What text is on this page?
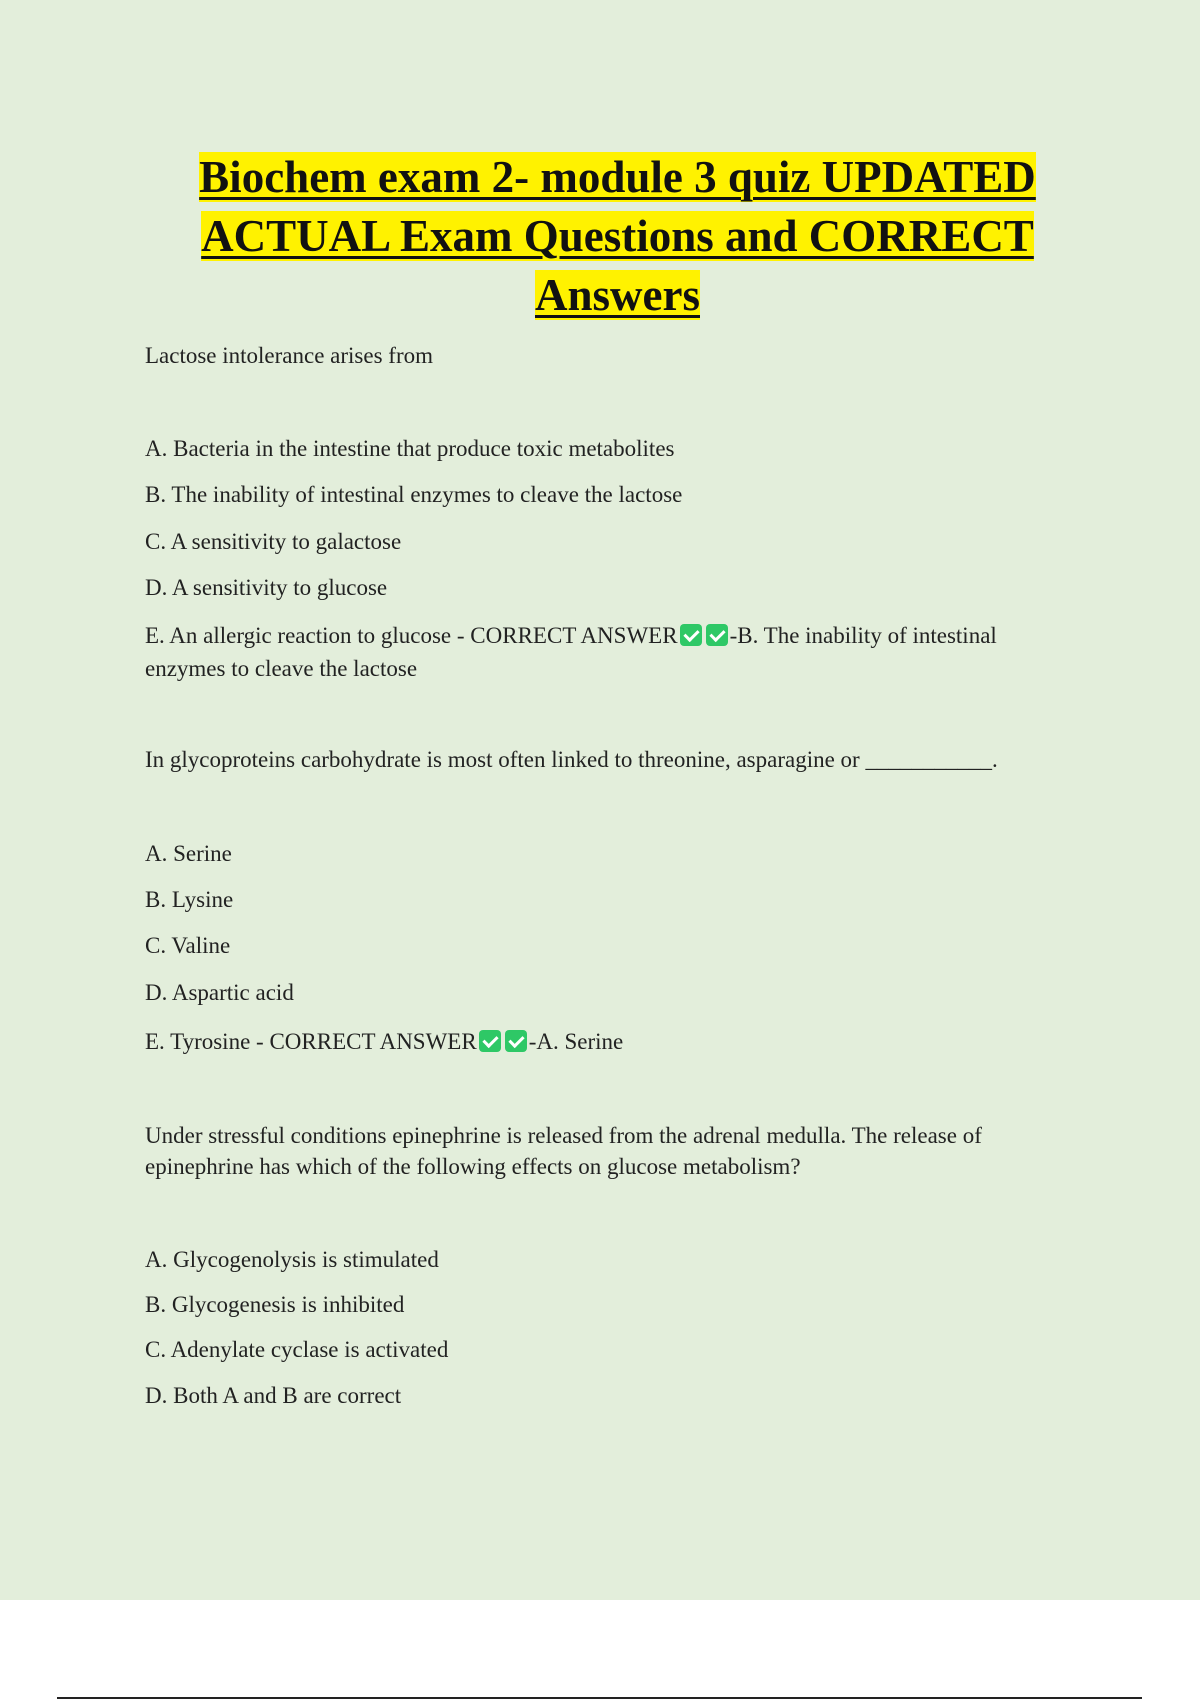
Biochem exam 2- module 3 quiz UPDATED
ACTUAL Exam Questions and CORRECT
Answers

Lactose intolerance arises from

A. Bacteria in the intestine that produce toxic metabolites

B. The inability of intestinal enzymes to cleave the lactose

C. A sensitivity to galactose

D. A sensitivity to glucose

E. An allergic reaction to glucose - CORRECT ANSWER -B. The inability of intestinal

enzymes to cleave the lactose

In glycoproteins carbohydrate is most often linked to threonine, asparagine or ___________.

A. Serine

B. Lysine

C. Valine

D. Aspartic acid

E. Tyrosine - CORRECT ANSWER -A. Serine

Under stressful conditions epinephrine is released from the adrenal medulla. The release of

epinephrine has which of the following effects on glucose metabolism?

A. Glycogenolysis is stimulated

B. Glycogenesis is inhibited

C. Adenylate cyclase is activated

D. Both A and B are correct
